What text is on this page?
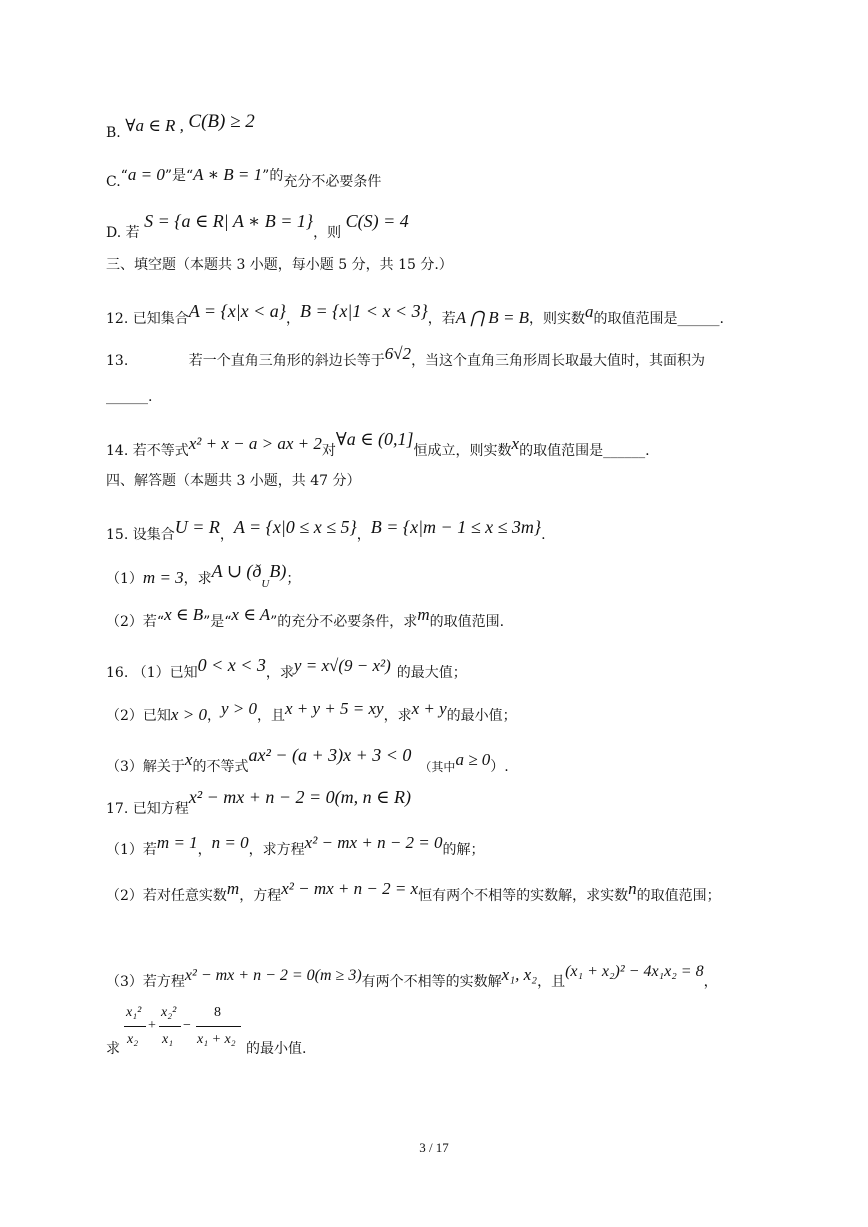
B. ∀a ∈ R , C(B) ≥ 2
C.“a = 0”是“A ∗ B = 1”的充分不必要条件
D. 若 S = {a ∈ R| A ∗ B = 1}，则 C(S) = 4
三、填空题（本题共 3 小题，每小题 5 分，共 15 分.）
12. 已知集合A = {x|x < a}，B = {x|1 < x < 3}，若A ⋂ B = B，则实数a的取值范围是______.
13.	若一个直角三角形的斜边长等于6√2，当这个直角三角形周长取最大值时，其面积为
______.
14. 若不等式x² + x − a > ax + 2对∀a ∈ (0,1]恒成立，则实数x的取值范围是______.
四、解答题（本题共 3 小题，共 47 分）
15. 设集合U = R，A = {x|0 ≤ x ≤ 5}，B = {x|m − 1 ≤ x ≤ 3m}.
（1）m = 3，求A ∪ $(ð_UB)$；
（2）若“x ∈ B”是“x ∈ A”的充分不必要条件，求m的取值范围.
16. （1）已知0 < x < 3，求y = x√(9 − x²) 的最大值；
（2）已知x > 0，y > 0，且x + y + 5 = xy，求x + y的最小值；
（3）解关于x的不等式ax² − (a + 3)x + 3 < 0（其中a ≥ 0）.
17. 已知方程x² − mx + n − 2 = 0(m, n ∈ R)
（1）若m = 1，n = 0，求方程x² − mx + n − 2 = 0的解；
（2）若对任意实数m，方程x² − mx + n − 2 = x恒有两个不相等的实数解，求实数n的取值范围；
（3）若方程x² − mx + n − 2 = 0(m ≥ 3)有两个不相等的实数解x₁, x₂，且(x₁ + x₂)² − 4x₁x₂ = 8，
求
x₁²
x₂
+
x₂²
x₁
−
8
x₁ + x₂
的最小值.
3 / 17
